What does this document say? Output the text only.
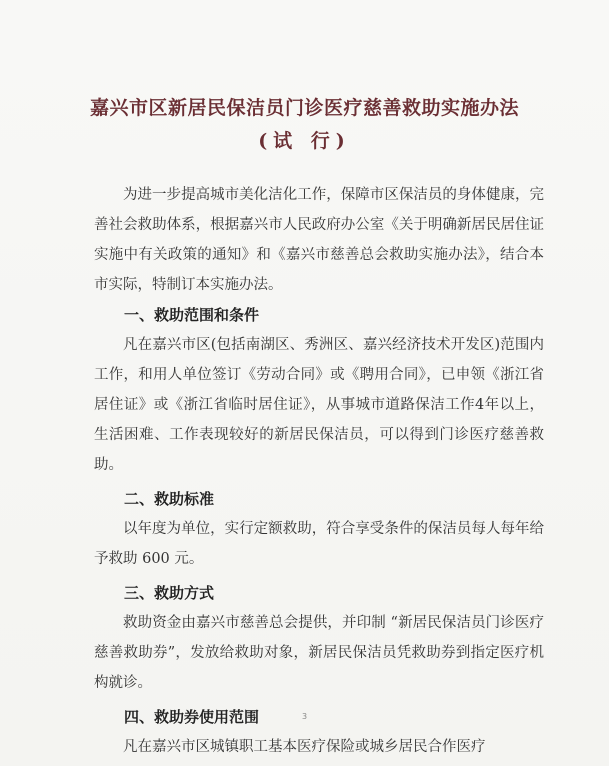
嘉兴市区新居民保洁员门诊医疗慈善救助实施办法
(试 行)

为进一步提高城市美化洁化工作，保障市区保洁员的身体健康，完善社会救助体系，根据嘉兴市人民政府办公室《关于明确新居民居住证实施中有关政策的通知》和《嘉兴市慈善总会救助实施办法》，结合本市实际，特制订本实施办法。

一、救助范围和条件

凡在嘉兴市区(包括南湖区、秀洲区、嘉兴经济技术开发区)范围内工作，和用人单位签订《劳动合同》或《聘用合同》，已申领《浙江省居住证》或《浙江省临时居住证》，从事城市道路保洁工作4年以上，生活困难、工作表现较好的新居民保洁员，可以得到门诊医疗慈善救助。

二、救助标准

以年度为单位，实行定额救助，符合享受条件的保洁员每人每年给予救助 600 元。

三、救助方式

救助资金由嘉兴市慈善总会提供，并印制 “新居民保洁员门诊医疗慈善救助券”，发放给救助对象，新居民保洁员凭救助券到指定医疗机构就诊。

四、救助券使用范围

凡在嘉兴市区城镇职工基本医疗保险或城乡居民合作医疗

3
